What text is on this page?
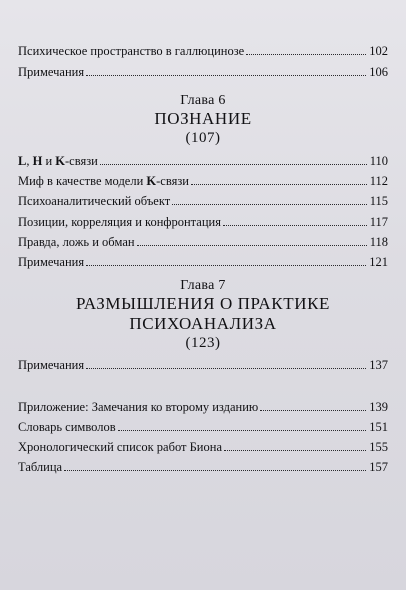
Психическое пространство в галлюцинозе	102
Примечания	106
Глава 6
ПОЗНАНИЕ
(107)
L, H и K-связи	110
Миф в качестве модели K-связи	112
Психоаналитический объект	115
Позиции, корреляция и конфронтация	117
Правда, ложь и обман	118
Примечания	121
Глава 7
РАЗМЫШЛЕНИЯ О ПРАКТИКЕ
ПСИХОАНАЛИЗА
(123)
Примечания	137
Приложение: Замечания ко второму изданию	139
Словарь символов	151
Хронологический список работ Биона	155
Таблица	157
